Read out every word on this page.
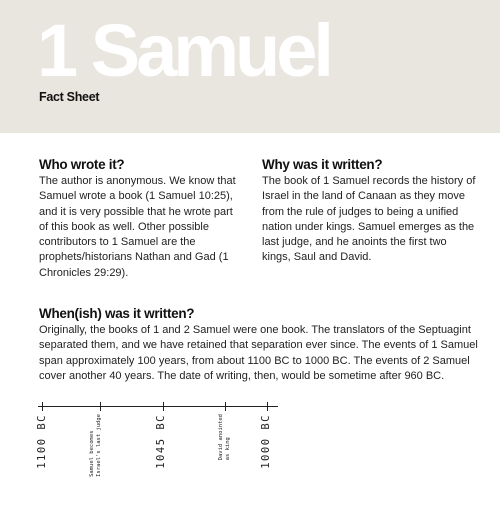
1 Samuel
Fact Sheet
Who wrote it?

The author is anonymous. We know that Samuel wrote a book (1 Samuel 10:25), and it is very possible that he wrote part of this book as well. Other possible contributors to 1 Samuel are the prophets/historians Nathan and Gad (1 Chronicles 29:29).

Why was it written?

The book of 1 Samuel records the history of Israel in the land of Canaan as they move from the rule of judges to being a unified nation under kings. Samuel emerges as the last judge, and he anoints the first two kings, Saul and David.

When(ish) was it written?

Originally, the books of 1 and 2 Samuel were one book. The translators of the Septuagint separated them, and we have retained that separation ever since. The events of 1 Samuel span approximately 100 years, from about 1100 BC to 1000 BC. The events of 2 Samuel cover another 40 years. The date of writing, then, would be sometime after 960 BC.

1100 BC	Samuel becomes Israel's last judge	1045 BC	David anointed as king	1000 BC
